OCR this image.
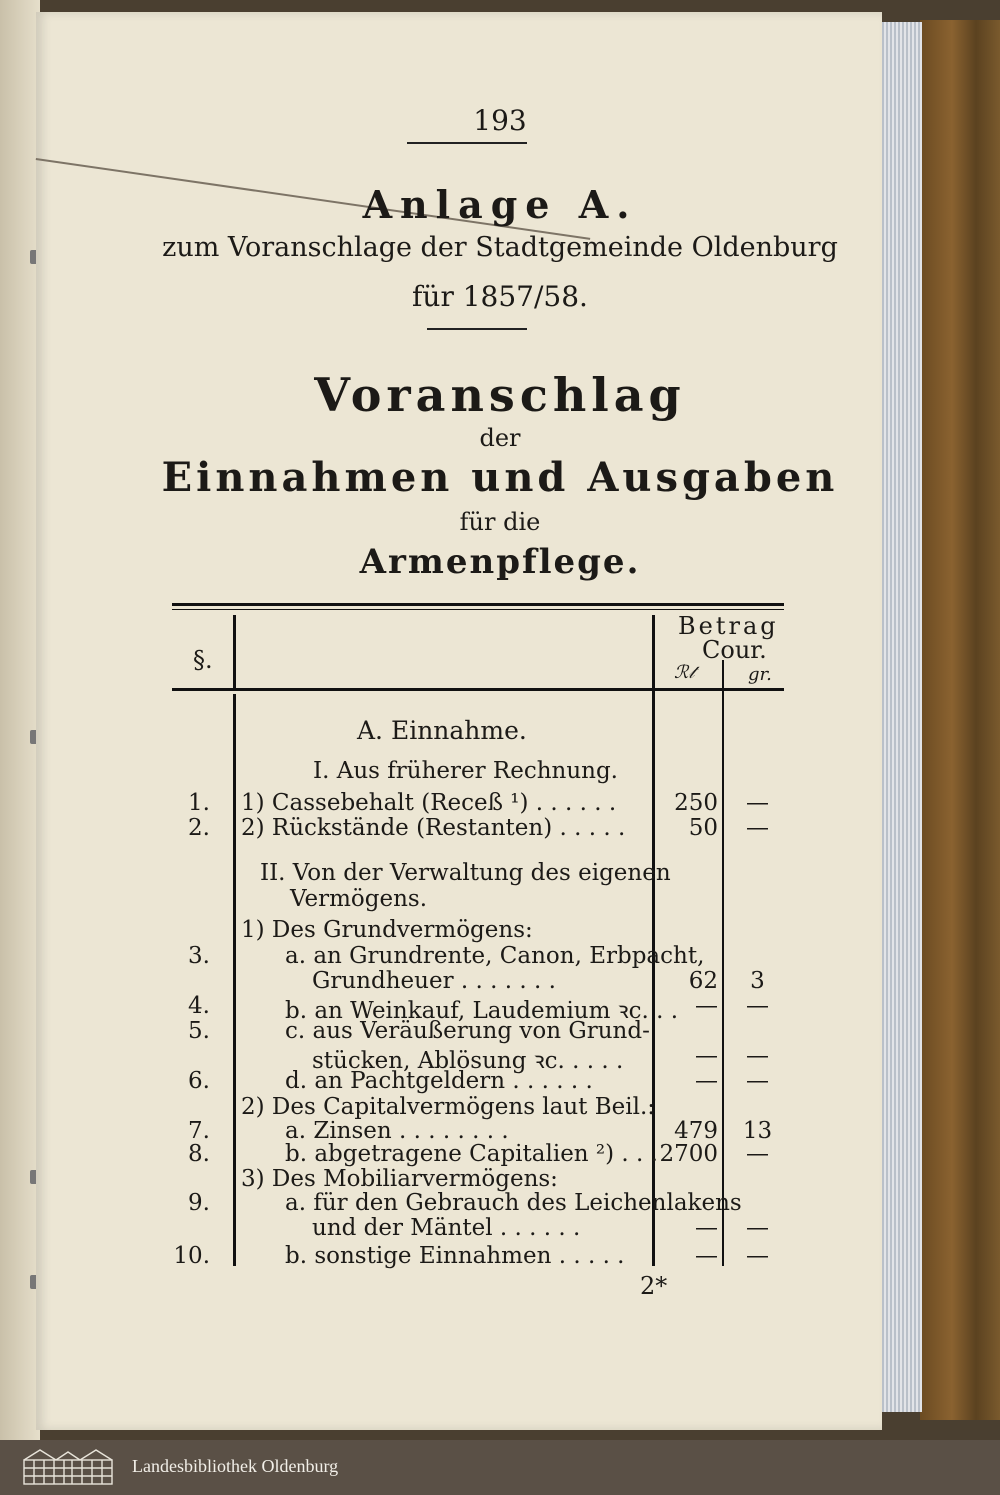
193
Anlage A.
zum Voranschlage der Stadtgemeinde Oldenburg
für 1857/58.
Voranschlag
der
Einnahmen und Ausgaben
für die
Armenpflege.
§.
Betrag
Cour.
ℛ𝓉	gr.
A. Einnahme.
I. Aus früherer Rechnung.
II. Von der Verwaltung des eigenen
Vermögens.
1) Des Grundvermögens:
2) Des Capitalvermögens laut Beil.:
3) Des Mobiliarvermögens:
1. 1) Cassebehalt (Receß ¹) . . . . . .	250	—
2. 2) Rückstände (Restanten) . . . . .	50	—
3.	a. an Grundrente, Canon, Erbpacht,
Grundheuer . . . . . . .	62	3
4.	b. an Weinkauf, Laudemium ꝛc. . . —	—
5.	c. aus Veräußerung von Grund-
stücken, Ablösung ꝛc. . . . .	—	—
6.	d. an Pachtgeldern . . . . . .	—	—
7.	a. Zinsen . . . . . . . .	479	13
8.	b. abgetragene Capitalien ²) . . . 2700	—
9.	a. für den Gebrauch des Leichenlakens
und der Mäntel . . . . . .	—	—
10.	b. sonstige Einnahmen . . . . .	—	—
2*
Landesbibliothek Oldenburg
